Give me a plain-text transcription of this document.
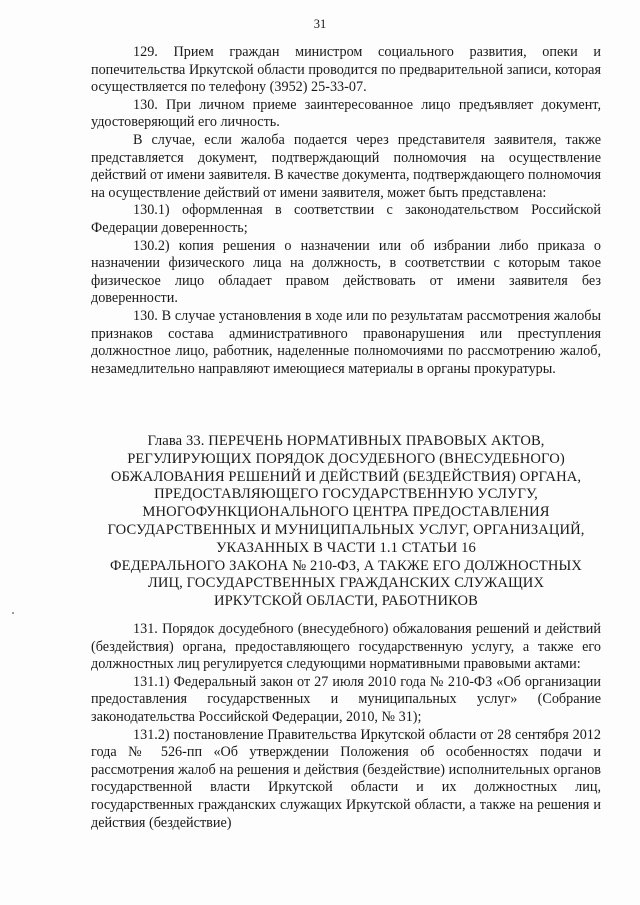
31

129. Прием граждан министром социального развития, опеки и попечительства Иркутской области проводится по предварительной записи, которая осуществляется по телефону (3952) 25-33-07.

130. При личном приеме заинтересованное лицо предъявляет документ, удостоверяющий его личность.

В случае, если жалоба подается через представителя заявителя, также представляется документ, подтверждающий полномочия на осуществление действий от имени заявителя. В качестве документа, подтверждающего полномочия на осуществление действий от имени заявителя, может быть представлена:

130.1) оформленная в соответствии с законодательством Российской Федерации доверенность;

130.2) копия решения о назначении или об избрании либо приказа о назначении физического лица на должность, в соответствии с которым такое физическое лицо обладает правом действовать от имени заявителя без доверенности.

130. В случае установления в ходе или по результатам рассмотрения жалобы признаков состава административного правонарушения или преступления должностное лицо, работник, наделенные полномочиями по рассмотрению жалоб, незамедлительно направляют имеющиеся материалы в органы прокуратуры.

Глава 33. ПЕРЕЧЕНЬ НОРМАТИВНЫХ ПРАВОВЫХ АКТОВ,
РЕГУЛИРУЮЩИХ ПОРЯДОК ДОСУДЕБНОГО (ВНЕСУДЕБНОГО)
ОБЖАЛОВАНИЯ РЕШЕНИЙ И ДЕЙСТВИЙ (БЕЗДЕЙСТВИЯ) ОРГАНА,
ПРЕДОСТАВЛЯЮЩЕГО ГОСУДАРСТВЕННУЮ УСЛУГУ,
МНОГОФУНКЦИОНАЛЬНОГО ЦЕНТРА ПРЕДОСТАВЛЕНИЯ
ГОСУДАРСТВЕННЫХ И МУНИЦИПАЛЬНЫХ УСЛУГ, ОРГАНИЗАЦИЙ,
УКАЗАННЫХ В ЧАСТИ 1.1 СТАТЬИ 16
ФЕДЕРАЛЬНОГО ЗАКОНА № 210-ФЗ, А ТАКЖЕ ЕГО ДОЛЖНОСТНЫХ
ЛИЦ, ГОСУДАРСТВЕННЫХ ГРАЖДАНСКИХ СЛУЖАЩИХ
ИРКУТСКОЙ ОБЛАСТИ, РАБОТНИКОВ

131. Порядок досудебного (внесудебного) обжалования решений и действий (бездействия) органа, предоставляющего государственную услугу, а также его должностных лиц регулируется следующими нормативными правовыми актами:

131.1) Федеральный закон от 27 июля 2010 года № 210-ФЗ «Об организации предоставления государственных и муниципальных услуг» (Собрание законодательства Российской Федерации, 2010, № 31);

131.2) постановление Правительства Иркутской области от 28 сентября 2012 года № 526-пп «Об утверждении Положения об особенностях подачи и рассмотрения жалоб на решения и действия (бездействие) исполнительных органов государственной власти Иркутской области и их должностных лиц, государственных гражданских служащих Иркутской области, а также на решения и действия (бездействие)
